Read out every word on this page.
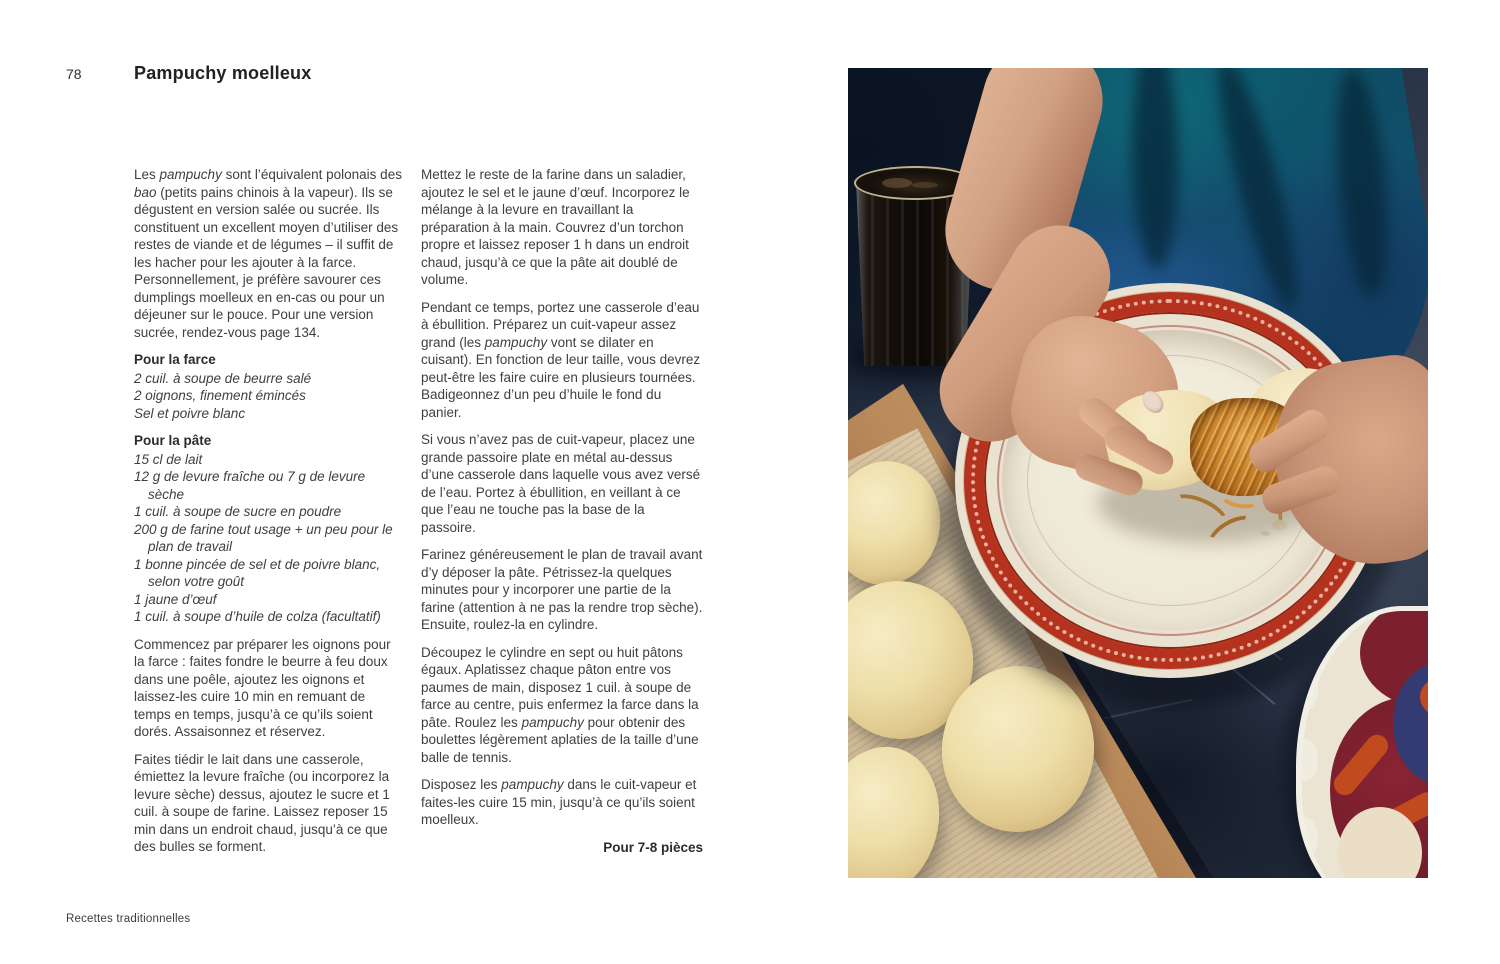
78	Pampuchy moelleux

Les pampuchy sont l’équivalent polonais des bao (petits pains chinois à la vapeur). Ils se dégustent en version salée ou sucrée. Ils constituent un excellent moyen d’utiliser des restes de viande et de légumes – il suffit de les hacher pour les ajouter à la farce. Personnellement, je préfère savourer ces dumplings moelleux en en-cas ou pour un déjeuner sur le pouce. Pour une version sucrée, rendez-vous page 134.

Pour la farce
2 cuil. à soupe de beurre salé
2 oignons, finement émincés
Sel et poivre blanc
Pour la pâte
15 cl de lait
12 g de levure fraîche ou 7 g de levure sèche
1 cuil. à soupe de sucre en poudre
200 g de farine tout usage + un peu pour le plan de travail
1 bonne pincée de sel et de poivre blanc, selon votre goût
1 jaune d’œuf
1 cuil. à soupe d’huile de colza (facultatif)

Commencez par préparer les oignons pour la farce : faites fondre le beurre à feu doux dans une poêle, ajoutez les oignons et laissez-les cuire 10 min en remuant de temps en temps, jusqu’à ce qu’ils soient dorés. Assaisonnez et réservez.

Faites tiédir le lait dans une casserole, émiettez la levure fraîche (ou incorporez la levure sèche) dessus, ajoutez le sucre et 1 cuil. à soupe de farine. Laissez reposer 15 min dans un endroit chaud, jusqu’à ce que des bulles se forment.

Mettez le reste de la farine dans un saladier, ajoutez le sel et le jaune d’œuf. Incorporez le mélange à la levure en travaillant la préparation à la main. Couvrez d’un torchon propre et laissez reposer 1 h dans un endroit chaud, jusqu’à ce que la pâte ait doublé de volume.

Pendant ce temps, portez une casserole d’eau à ébullition. Préparez un cuit-vapeur assez grand (les pampuchy vont se dilater en cuisant). En fonction de leur taille, vous devrez peut-être les faire cuire en plusieurs tournées. Badigeonnez d’un peu d’huile le fond du panier.

Si vous n’avez pas de cuit-vapeur, placez une grande passoire plate en métal au-dessus d’une casserole dans laquelle vous avez versé de l’eau. Portez à ébullition, en veillant à ce que l’eau ne touche pas la base de la passoire.

Farinez généreusement le plan de travail avant d’y déposer la pâte. Pétrissez-la quelques minutes pour y incorporer une partie de la farine (attention à ne pas la rendre trop sèche). Ensuite, roulez-la en cylindre.

Découpez le cylindre en sept ou huit pâtons égaux. Aplatissez chaque pâton entre vos paumes de main, disposez 1 cuil. à soupe de farce au centre, puis enfermez la farce dans la pâte. Roulez les pampuchy pour obtenir des boulettes légèrement aplaties de la taille d’une balle de tennis.

Disposez les pampuchy dans le cuit-vapeur et faites-les cuire 15 min, jusqu’à ce qu’ils soient moelleux.

Pour 7-8 pièces
Recettes traditionnelles
